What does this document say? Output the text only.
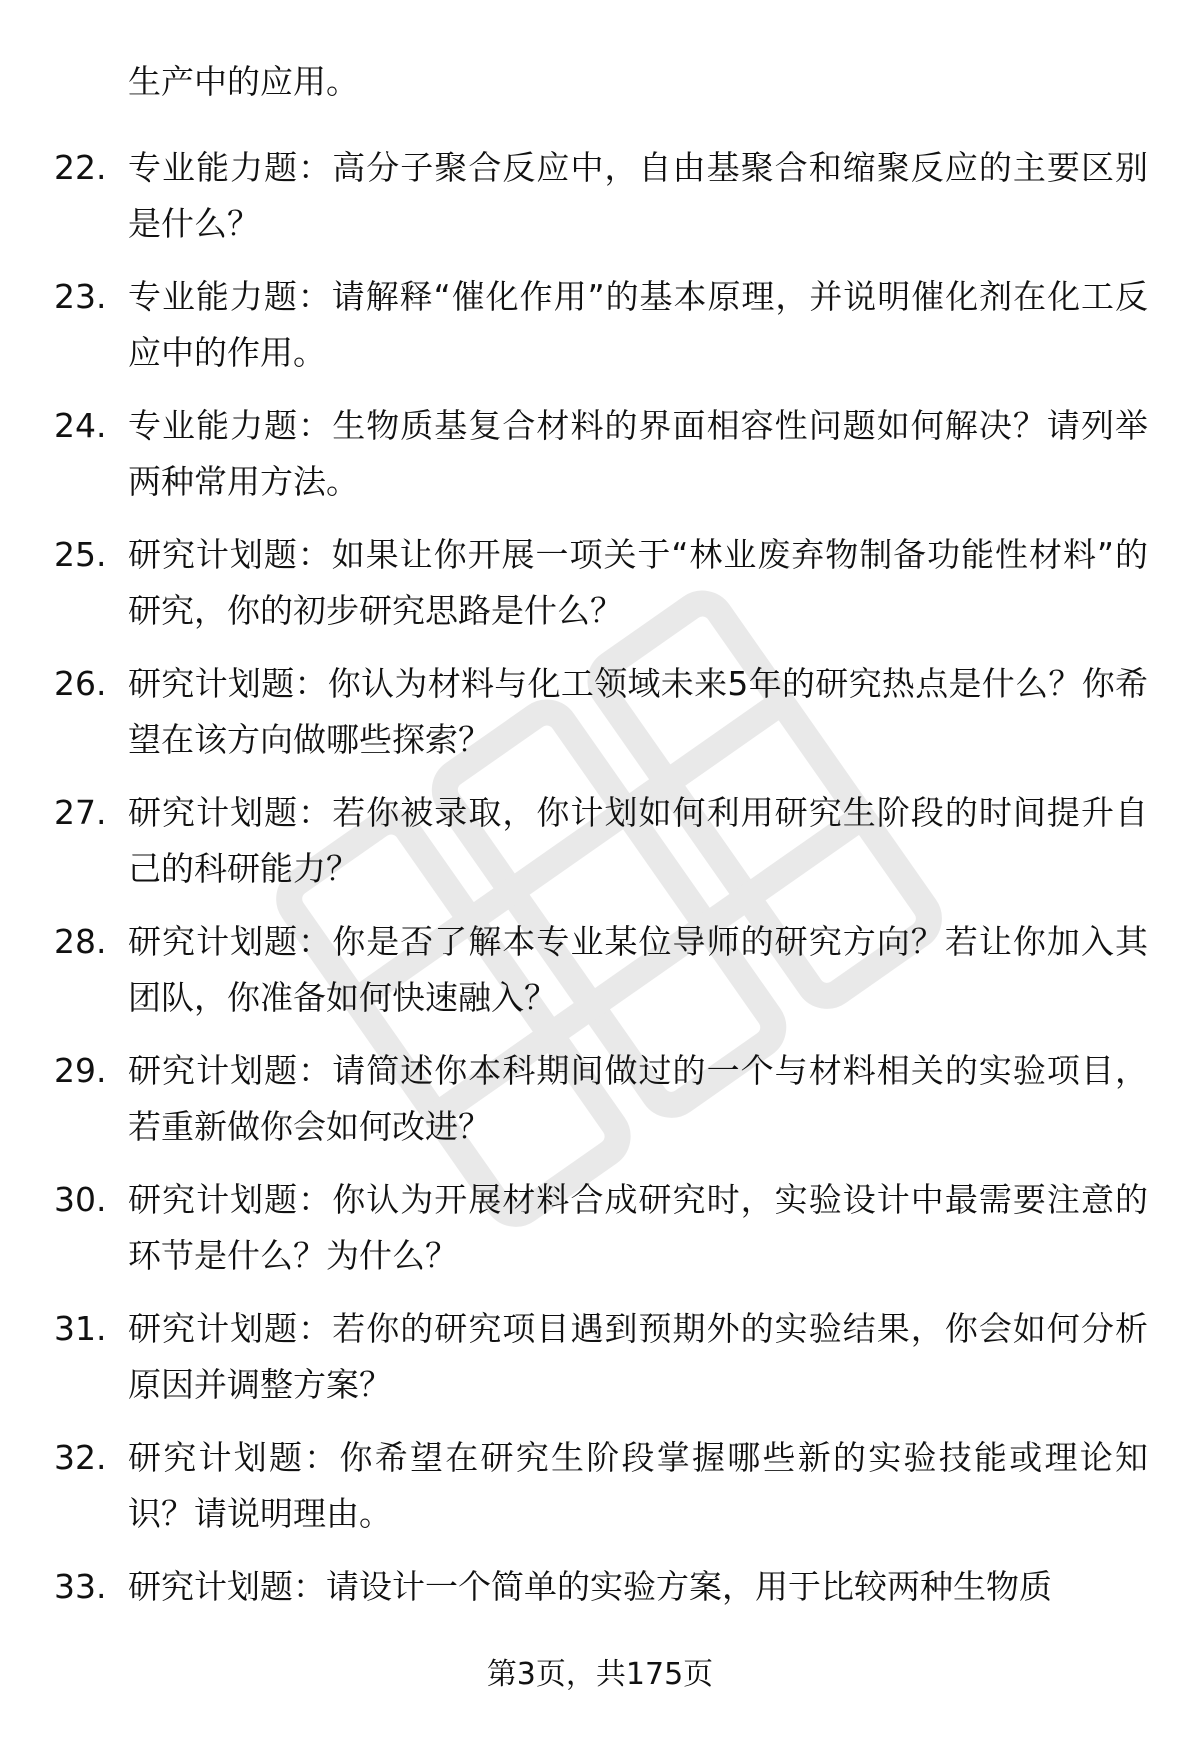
生产中的应用。
22. 专业能力题：高分子聚合反应中，自由基聚合和缩聚反应的主要区别是什么？
23. 专业能力题：请解释“催化作用”的基本原理，并说明催化剂在化工反应中的作用。
24. 专业能力题：生物质基复合材料的界面相容性问题如何解决？请列举两种常用方法。
25. 研究计划题：如果让你开展一项关于“林业废弃物制备功能性材料”的研究，你的初步研究思路是什么？
26. 研究计划题：你认为材料与化工领域未来5年的研究热点是什么？你希望在该方向做哪些探索？
27. 研究计划题：若你被录取，你计划如何利用研究生阶段的时间提升自己的科研能力？
28. 研究计划题：你是否了解本专业某位导师的研究方向？若让你加入其团队，你准备如何快速融入？
29. 研究计划题：请简述你本科期间做过的一个与材料相关的实验项目，若重新做你会如何改进？
30. 研究计划题：你认为开展材料合成研究时，实验设计中最需要注意的环节是什么？为什么？
31. 研究计划题：若你的研究项目遇到预期外的实验结果，你会如何分析原因并调整方案？
32. 研究计划题：你希望在研究生阶段掌握哪些新的实验技能或理论知识？请说明理由。
33. 研究计划题：请设计一个简单的实验方案，用于比较两种生物质
第3页，共175页
